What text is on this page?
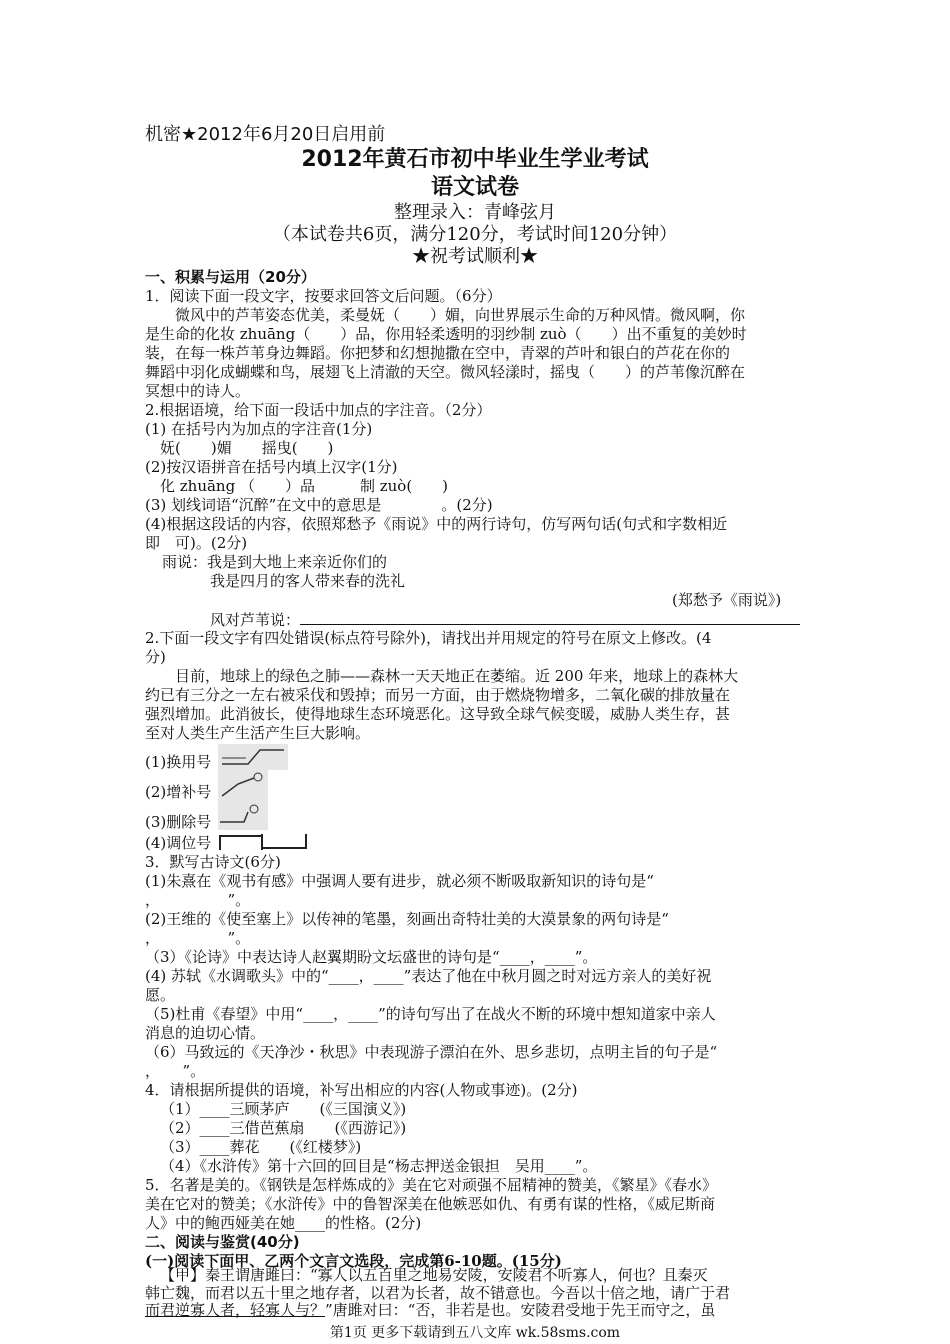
机密★2012年6月20日启用前
2012年黄石市初中毕业生学业考试
语文试卷
整理录入：青峰弦月
（本试卷共6页，满分120分，考试时间120分钟）
★祝考试顺利★
一、积累与运用（20分）
1．阅读下面一段文字，按要求回答文后问题。（6分）
微风中的芦苇姿态优美，柔曼妩（　　）媚，向世界展示生命的万种风情。微风啊，你
是生命的化妆 zhuāng（　　）品，你用轻柔透明的羽纱制 zuò（　　）出不重复的美妙时
装，在每一株芦苇身边舞蹈。你把梦和幻想抛撒在空中，青翠的芦叶和银白的芦花在你的
舞蹈中羽化成蝴蝶和鸟，展翅飞上清澈的天空。微风轻漾时，摇曳（　　）的芦苇像沉醉在
冥想中的诗人。
2.根据语境，给下面一段话中加点的字注音。（2分）
(1) 在括号内为加点的字注音(1分)
妩(　　)媚　　摇曳(　　)
(2)按汉语拼音在括号内填上汉字(1分)
化 zhuāng （　　）品　　　制 zuò(　　)
(3) 划线词语“沉醉”在文中的意思是　　　　。(2分)
(4)根据这段话的内容，依照郑愁予《雨说》中的两行诗句，仿写两句话(句式和字数相近
即　可)。(2分)
雨说：我是到大地上来亲近你们的
我是四月的客人带来春的洗礼
(郑愁予《雨说》)
风对芦苇说：
2.下面一段文字有四处错误(标点符号除外)，请找出并用规定的符号在原文上修改。(4
分)
目前，地球上的绿色之肺——森林一天天地正在萎缩。近 200 年来，地球上的森林大
约已有三分之一左右被采伐和毁掉；而另一方面，由于燃烧物增多，二氧化碳的排放量在
强烈增加。此消彼长，使得地球生态环境恶化。这导致全球气候变暖，威胁人类生存，甚
至对人类生产生活产生巨大影响。
(1)换用号
(2)增补号
(3)删除号
(4)调位号
3．默写古诗文(6分)
(1)朱熹在《观书有感》中强调人要有进步，就必须不断吸取新知识的诗句是“
，　　　　　”。
(2)王维的《使至塞上》以传神的笔墨，刻画出奇特壮美的大漠景象的两句诗是“
，　　　　　”。
（3）《论诗》中表达诗人赵翼期盼文坛盛世的诗句是“____，____”。
(4) 苏轼《水调歌头》中的“____，____”表达了他在中秋月圆之时对远方亲人的美好祝
愿。
（5)杜甫《春望》中用“____，____”的诗句写出了在战火不断的环境中想知道家中亲人
消息的迫切心情。
（6）马致远的《天净沙・秋思》中表现游子漂泊在外、思乡悲切，点明主旨的句子是“
，　　”。
4．请根据所提供的语境，补写出相应的内容(人物或事迹)。(2分)
（1）____三顾茅庐　　(《三国演义》)
（2）____三借芭蕉扇　　(《西游记》)
（3）____葬花　　(《红楼梦》)
（4）《水浒传》第十六回的回目是“杨志押送金银担　吴用____”。
5．名著是美的。《钢铁是怎样炼成的》美在它对顽强不屈精神的赞美，《繁星》《春水》
美在它对的赞美；《水浒传》中的鲁智深美在他嫉恶如仇、有勇有谋的性格，《威尼斯商
人》中的鲍西娅美在她____的性格。(2分)
二、阅读与鉴赏(40分)
(一)阅读下面甲、乙两个文言文选段，完成第6-10题。(15分)
【甲】秦王谓唐雎曰：“寡人以五百里之地易安陵，安陵君不听寡人，何也？且秦灭
韩亡魏，而君以五十里之地存者，以君为长者，故不错意也。今吾以十倍之地，请广于君
第1页 更多下载请到五八文库 wk.58sms.com
而君逆寡人者，轻寡人与？”唐雎对曰：“否，非若是也。安陵君受地于先王而守之，虽
